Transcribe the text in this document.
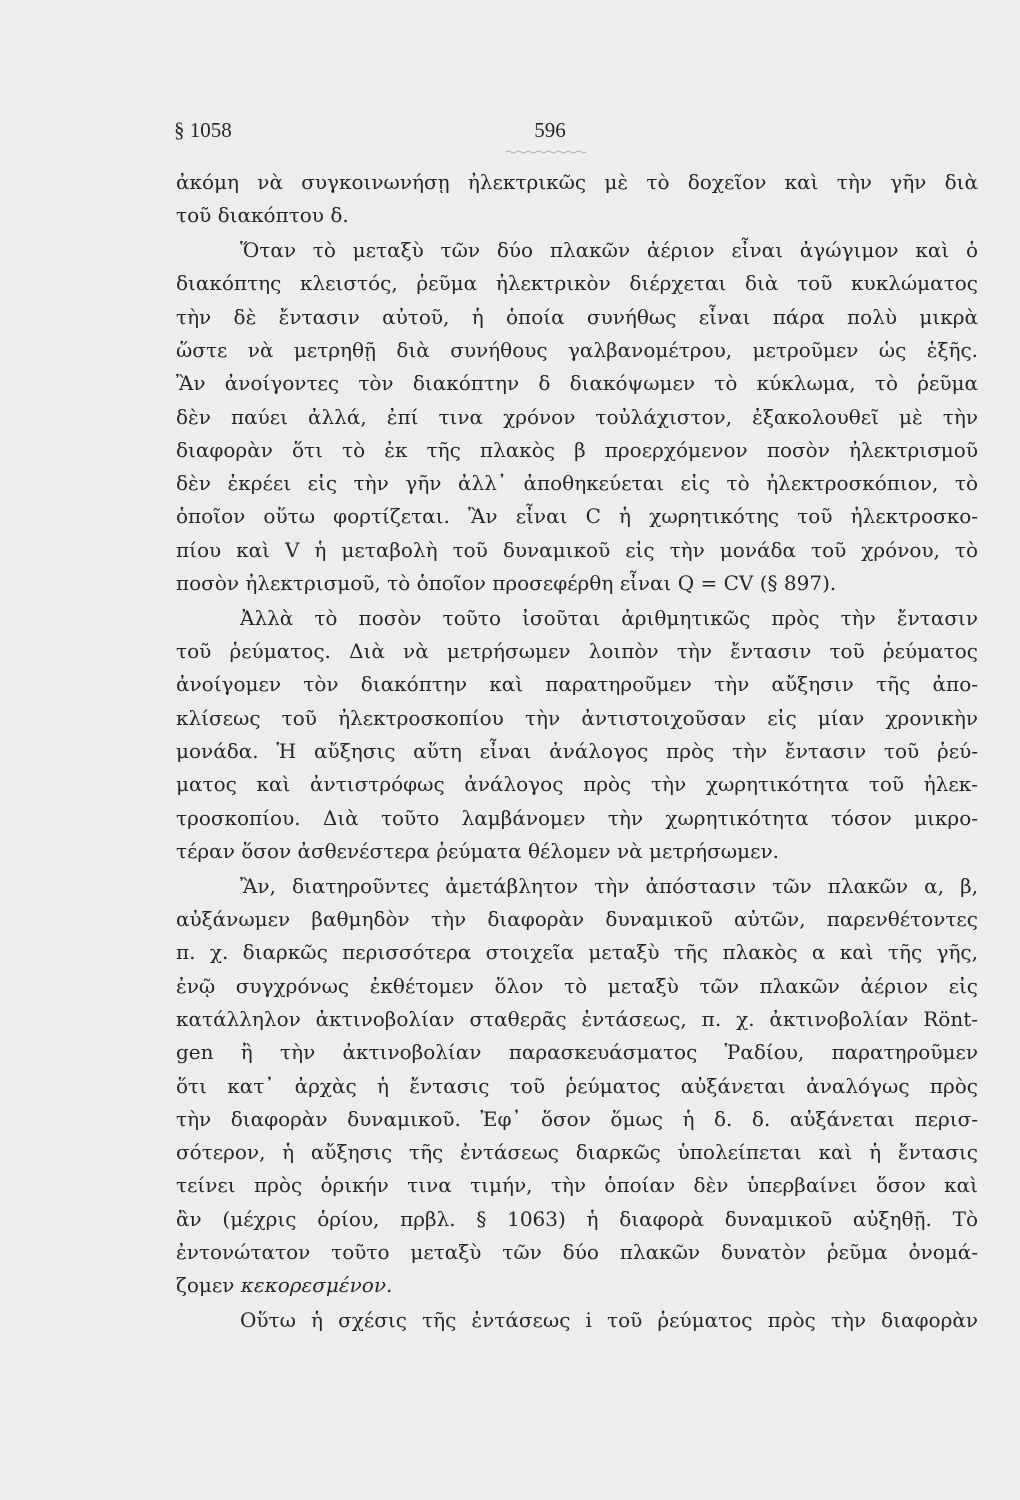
§ 1058	596
ἀκόμη νὰ συγκοινωνήσῃ ἠλεκτρικῶς μὲ τὸ δοχεῖον καὶ τὴν γῆν διὰ
τοῦ διακόπτου δ.
Ὅταν τὸ μεταξὺ τῶν δύο πλακῶν ἀέριον εἶναι ἀγώγιμον καὶ ὁ
διακόπτης κλειστός, ῥεῦμα ἠλεκτρικὸν διέρχεται διὰ τοῦ κυκλώματος
τὴν δὲ ἔντασιν αὐτοῦ, ἡ ὁποία συνήθως εἶναι πάρα πολὺ μικρὰ
ὥστε νὰ μετρηθῇ διὰ συνήθους γαλβανομέτρου, μετροῦμεν ὡς ἑξῆς.
Ἂν ἀνοίγοντες τὸν διακόπτην δ διακόψωμεν τὸ κύκλωμα, τὸ ῥεῦμα
δὲν παύει ἀλλά, ἐπί τινα χρόνον τοὐλάχιστον, ἐξακολουθεῖ μὲ τὴν
διαφορὰν ὅτι τὸ ἐκ τῆς πλακὸς β προερχόμενον ποσὸν ἠλεκτρισμοῦ
δὲν ἐκρέει εἰς τὴν γῆν ἀλλ᾽ ἀποθηκεύεται εἰς τὸ ἠλεκτροσκόπιον, τὸ
ὁποῖον οὕτω φορτίζεται. Ἂν εἶναι C ἡ χωρητικότης τοῦ ἠλεκτροσκο-
πίου καὶ V ἡ μεταβολὴ τοῦ δυναμικοῦ εἰς τὴν μονάδα τοῦ χρόνου, τὸ
ποσὸν ἠλεκτρισμοῦ, τὸ ὁποῖον προσεφέρθη εἶναι Q = CV (§ 897).
Ἀλλὰ τὸ ποσὸν τοῦτο ἰσοῦται ἀριθμητικῶς πρὸς τὴν ἔντασιν
τοῦ ῥεύματος. Διὰ νὰ μετρήσωμεν λοιπὸν τὴν ἔντασιν τοῦ ῥεύματος
ἀνοίγομεν τὸν διακόπτην καὶ παρατηροῦμεν τὴν αὔξησιν τῆς ἀπο-
κλίσεως τοῦ ἠλεκτροσκοπίου τὴν ἀντιστοιχοῦσαν εἰς μίαν χρονικὴν
μονάδα. Ἡ αὔξησις αὕτη εἶναι ἀνάλογος πρὸς τὴν ἔντασιν τοῦ ῥεύ-
ματος καὶ ἀντιστρόφως ἀνάλογος πρὸς τὴν χωρητικότητα τοῦ ἠλεκ-
τροσκοπίου. Διὰ τοῦτο λαμβάνομεν τὴν χωρητικότητα τόσον μικρο-
τέραν ὅσον ἀσθενέστερα ῥεύματα θέλομεν νὰ μετρήσωμεν.
Ἂν, διατηροῦντες ἀμετάβλητον τὴν ἀπόστασιν τῶν πλακῶν α, β,
αὐξάνωμεν βαθμηδὸν τὴν διαφορὰν δυναμικοῦ αὐτῶν, παρενθέτοντες
π. χ. διαρκῶς περισσότερα στοιχεῖα μεταξὺ τῆς πλακὸς α καὶ τῆς γῆς,
ἐνῷ συγχρόνως ἐκθέτομεν ὅλον τὸ μεταξὺ τῶν πλακῶν ἀέριον εἰς
κατάλληλον ἀκτινοβολίαν σταθερᾶς ἐντάσεως, π. χ. ἀκτινοβολίαν Rönt-
gen ἢ τὴν ἀκτινοβολίαν παρασκευάσματος Ῥαδίου, παρατηροῦμεν
ὅτι κατ᾽ ἀρχὰς ἡ ἔντασις τοῦ ῥεύματος αὐξάνεται ἀναλόγως πρὸς
τὴν διαφορὰν δυναμικοῦ. Ἐφ᾽ ὅσον ὅμως ἡ δ. δ. αὐξάνεται περισ-
σότερον, ἡ αὔξησις τῆς ἐντάσεως διαρκῶς ὑπολείπεται καὶ ἡ ἔντασις
τείνει πρὸς ὁρικήν τινα τιμήν, τὴν ὁποίαν δὲν ὑπερβαίνει ὅσον καὶ
ἂν (μέχρις ὁρίου, πρβλ. § 1063) ἡ διαφορὰ δυναμικοῦ αὐξηθῇ. Τὸ
ἐντονώτατον τοῦτο μεταξὺ τῶν δύο πλακῶν δυνατὸν ῥεῦμα ὀνομά-
ζομεν κεκορεσμένον.
Οὕτω ἡ σχέσις τῆς ἐντάσεως i τοῦ ῥεύματος πρὸς τὴν διαφορὰν
